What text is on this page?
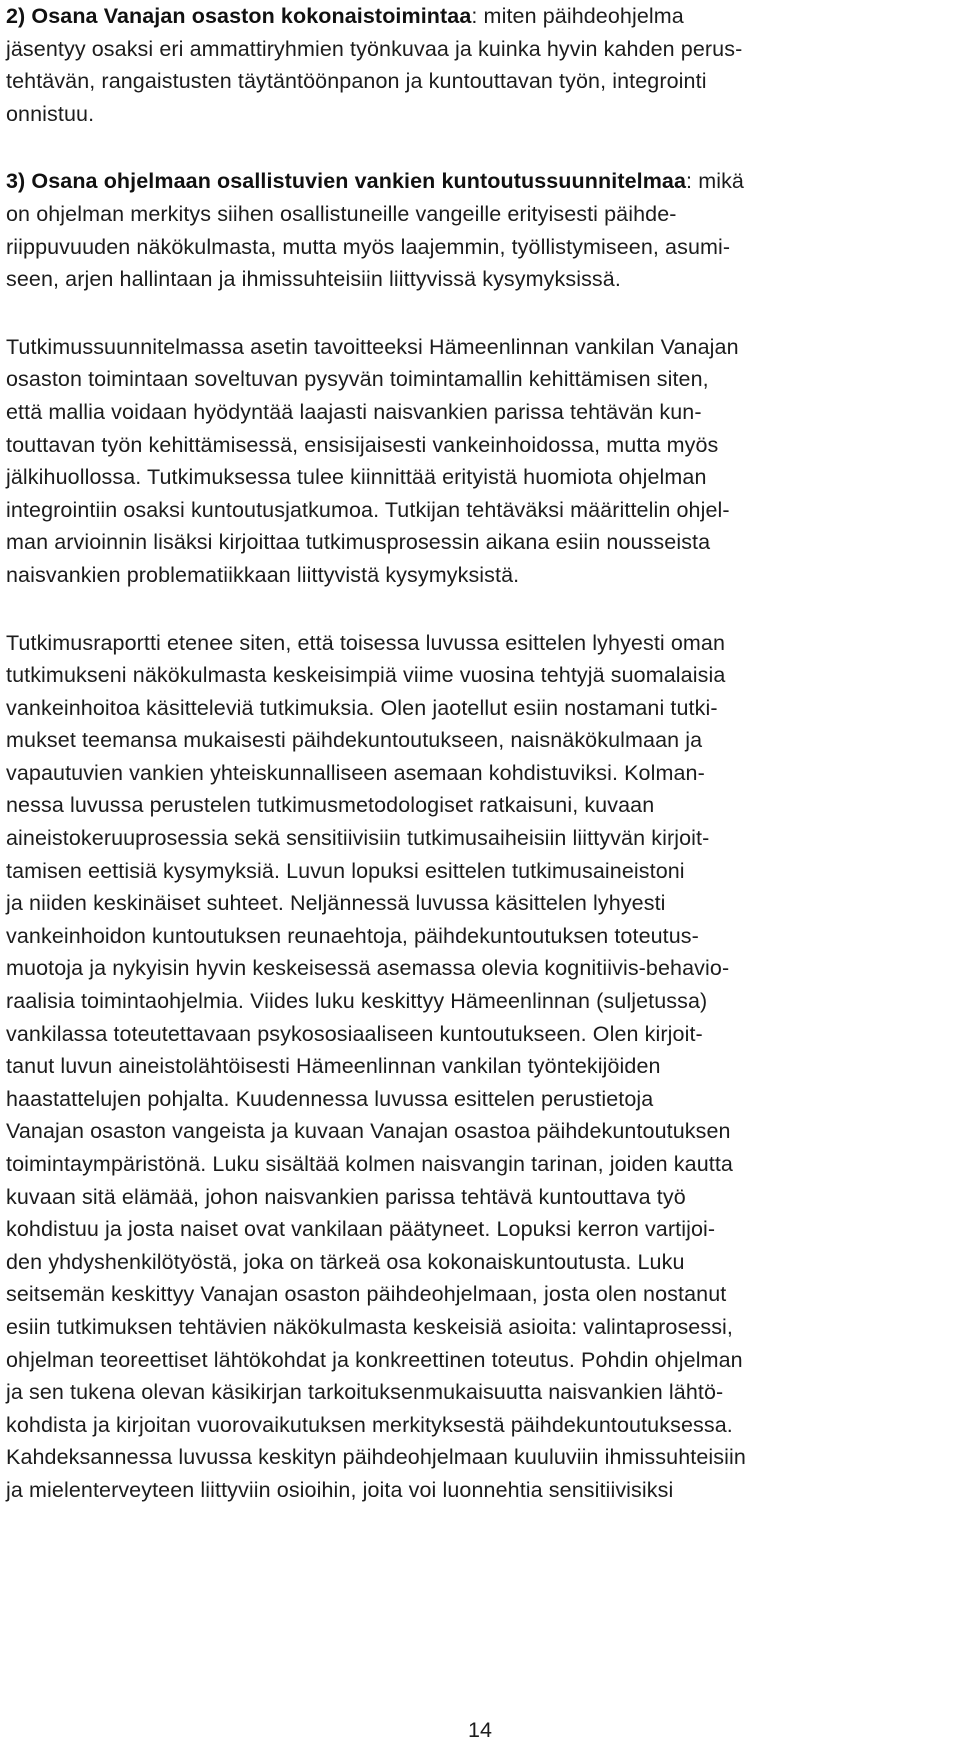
2) Osana Vanajan osaston kokonaistoimintaa: miten päihdeohjelma
jäsentyy osaksi eri ammattiryhmien työnkuvaa ja kuinka hyvin kahden perus-
tehtävän, rangaistusten täytäntöönpanon ja kuntouttavan työn, integrointi
onnistuu.
3) Osana ohjelmaan osallistuvien vankien kuntoutussuunnitelmaa: mikä
on ohjelman merkitys siihen osallistuneille vangeille erityisesti päihde-
riippuvuuden näkökulmasta, mutta myös laajemmin, työllistymiseen, asumi-
seen, arjen hallintaan ja ihmissuhteisiin liittyvissä kysymyksissä.
Tutkimussuunnitelmassa asetin tavoitteeksi Hämeenlinnan vankilan Vanajan
osaston toimintaan soveltuvan pysyvän toimintamallin kehittämisen siten,
että mallia voidaan hyödyntää laajasti naisvankien parissa tehtävän kun-
touttavan työn kehittämisessä, ensisijaisesti vankeinhoidossa, mutta myös
jälkihuollossa. Tutkimuksessa tulee kiinnittää erityistä huomiota ohjelman
integrointiin osaksi kuntoutusjatkumoa. Tutkijan tehtäväksi määrittelin ohjel-
man arvioinnin lisäksi kirjoittaa tutkimusprosessin aikana esiin nousseista
naisvankien problematiikkaan liittyvistä kysymyksistä.
Tutkimusraportti etenee siten, että toisessa luvussa esittelen lyhyesti oman
tutkimukseni näkökulmasta keskeisimpiä viime vuosina tehtyjä suomalaisia
vankeinhoitoa käsitteleviä tutkimuksia. Olen jaotellut esiin nostamani tutki-
mukset teemansa mukaisesti päihdekuntoutukseen, naisnäkökulmaan ja
vapautuvien vankien yhteiskunnalliseen asemaan kohdistuviksi. Kolman-
nessa luvussa perustelen tutkimusmetodologiset ratkaisuni, kuvaan
aineistokeruuprosessia sekä sensitiivisiin tutkimusaiheisiin liittyvän kirjoit-
tamisen eettisiä kysymyksiä. Luvun lopuksi esittelen tutkimusaineistoni
ja niiden keskinäiset suhteet. Neljännessä luvussa käsittelen lyhyesti
vankeinhoidon kuntoutuksen reunaehtoja, päihdekuntoutuksen toteutus-
muotoja ja nykyisin hyvin keskeisessä asemassa olevia kognitiivis-behavio-
raalisia toimintaohjelmia. Viides luku keskittyy Hämeenlinnan (suljetussa)
vankilassa toteutettavaan psykososiaaliseen kuntoutukseen. Olen kirjoit-
tanut luvun aineistolähtöisesti Hämeenlinnan vankilan työntekijöiden
haastattelujen pohjalta. Kuudennessa luvussa esittelen perustietoja
Vanajan osaston vangeista ja kuvaan Vanajan osastoa päihdekuntoutuksen
toimintaympäristönä. Luku sisältää kolmen naisvangin tarinan, joiden kautta
kuvaan sitä elämää, johon naisvankien parissa tehtävä kuntouttava työ
kohdistuu ja josta naiset ovat vankilaan päätyneet. Lopuksi kerron vartijoi-
den yhdyshenkilötyöstä, joka on tärkeä osa kokonaiskuntoutusta. Luku
seitsemän keskittyy Vanajan osaston päihdeohjelmaan, josta olen nostanut
esiin tutkimuksen tehtävien näkökulmasta keskeisiä asioita: valintaprosessi,
ohjelman teoreettiset lähtökohdat ja konkreettinen toteutus. Pohdin ohjelman
ja sen tukena olevan käsikirjan tarkoituksenmukaisuutta naisvankien lähtö-
kohdista ja kirjoitan vuorovaikutuksen merkityksestä päihdekuntoutuksessa.
Kahdeksannessa luvussa keskityn päihdeohjelmaan kuuluviin ihmissuhteisiin
ja mielenterveyteen liittyviin osioihin, joita voi luonnehtia sensitiivisiksi
14
